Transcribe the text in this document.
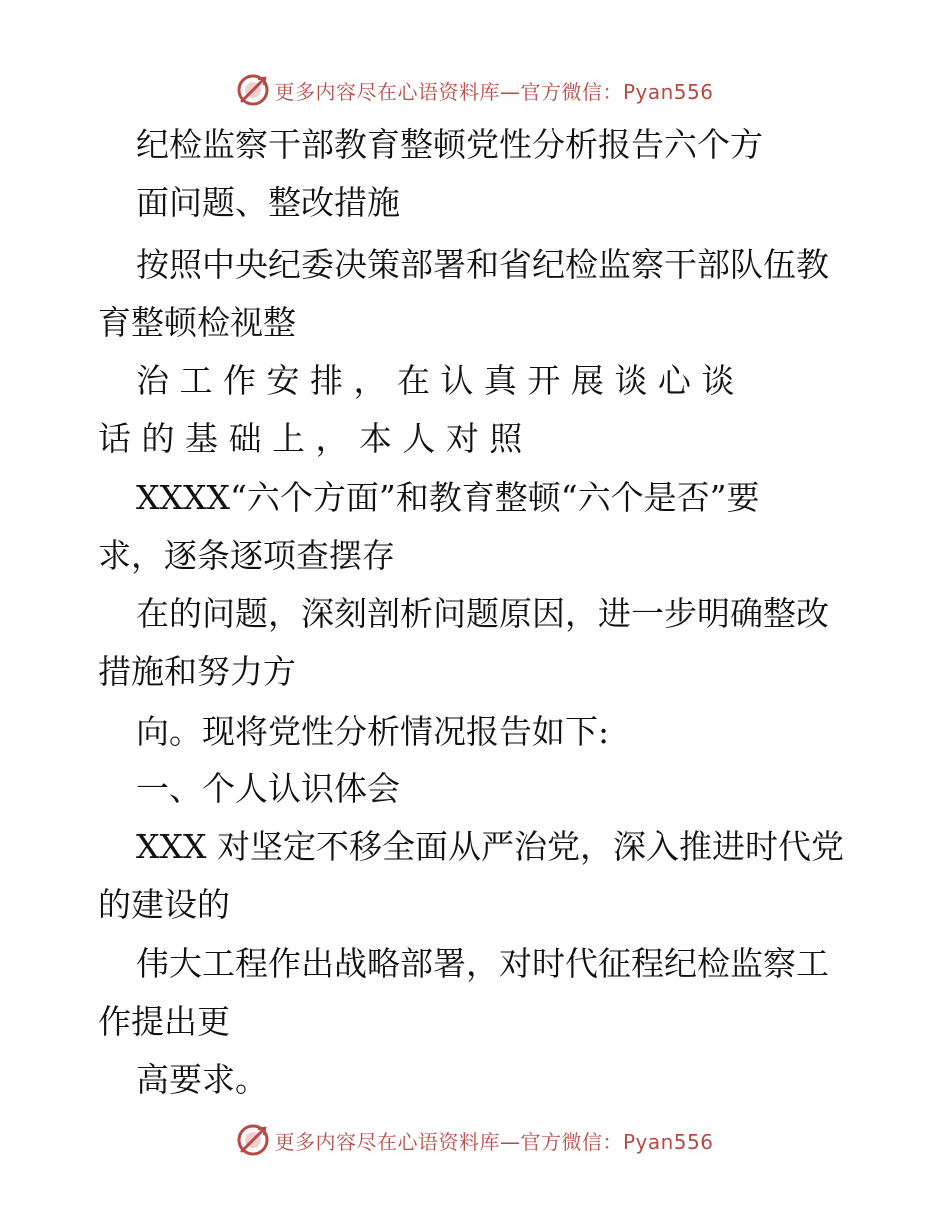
更多内容尽在心语资料库—官方微信：Pyan556
纪检监察干部教育整顿党性分析报告六个方
面问题、整改措施
按照中央纪委决策部署和省纪检监察干部队伍教
育整顿检视整
治 工 作 安 排 ， 在 认 真 开 展 谈 心 谈
话 的 基 础 上 ， 本 人 对 照
XXXX“六个方面”和教育整顿“六个是否”要
求，逐条逐项查摆存
在的问题，深刻剖析问题原因，进一步明确整改
措施和努力方
向。现将党性分析情况报告如下:
一、个人认识体会
XXX 对坚定不移全面从严治党，深入推进时代党
的建设的
伟大工程作出战略部署，对时代征程纪检监察工
作提出更
高要求。
更多内容尽在心语资料库—官方微信：Pyan556
